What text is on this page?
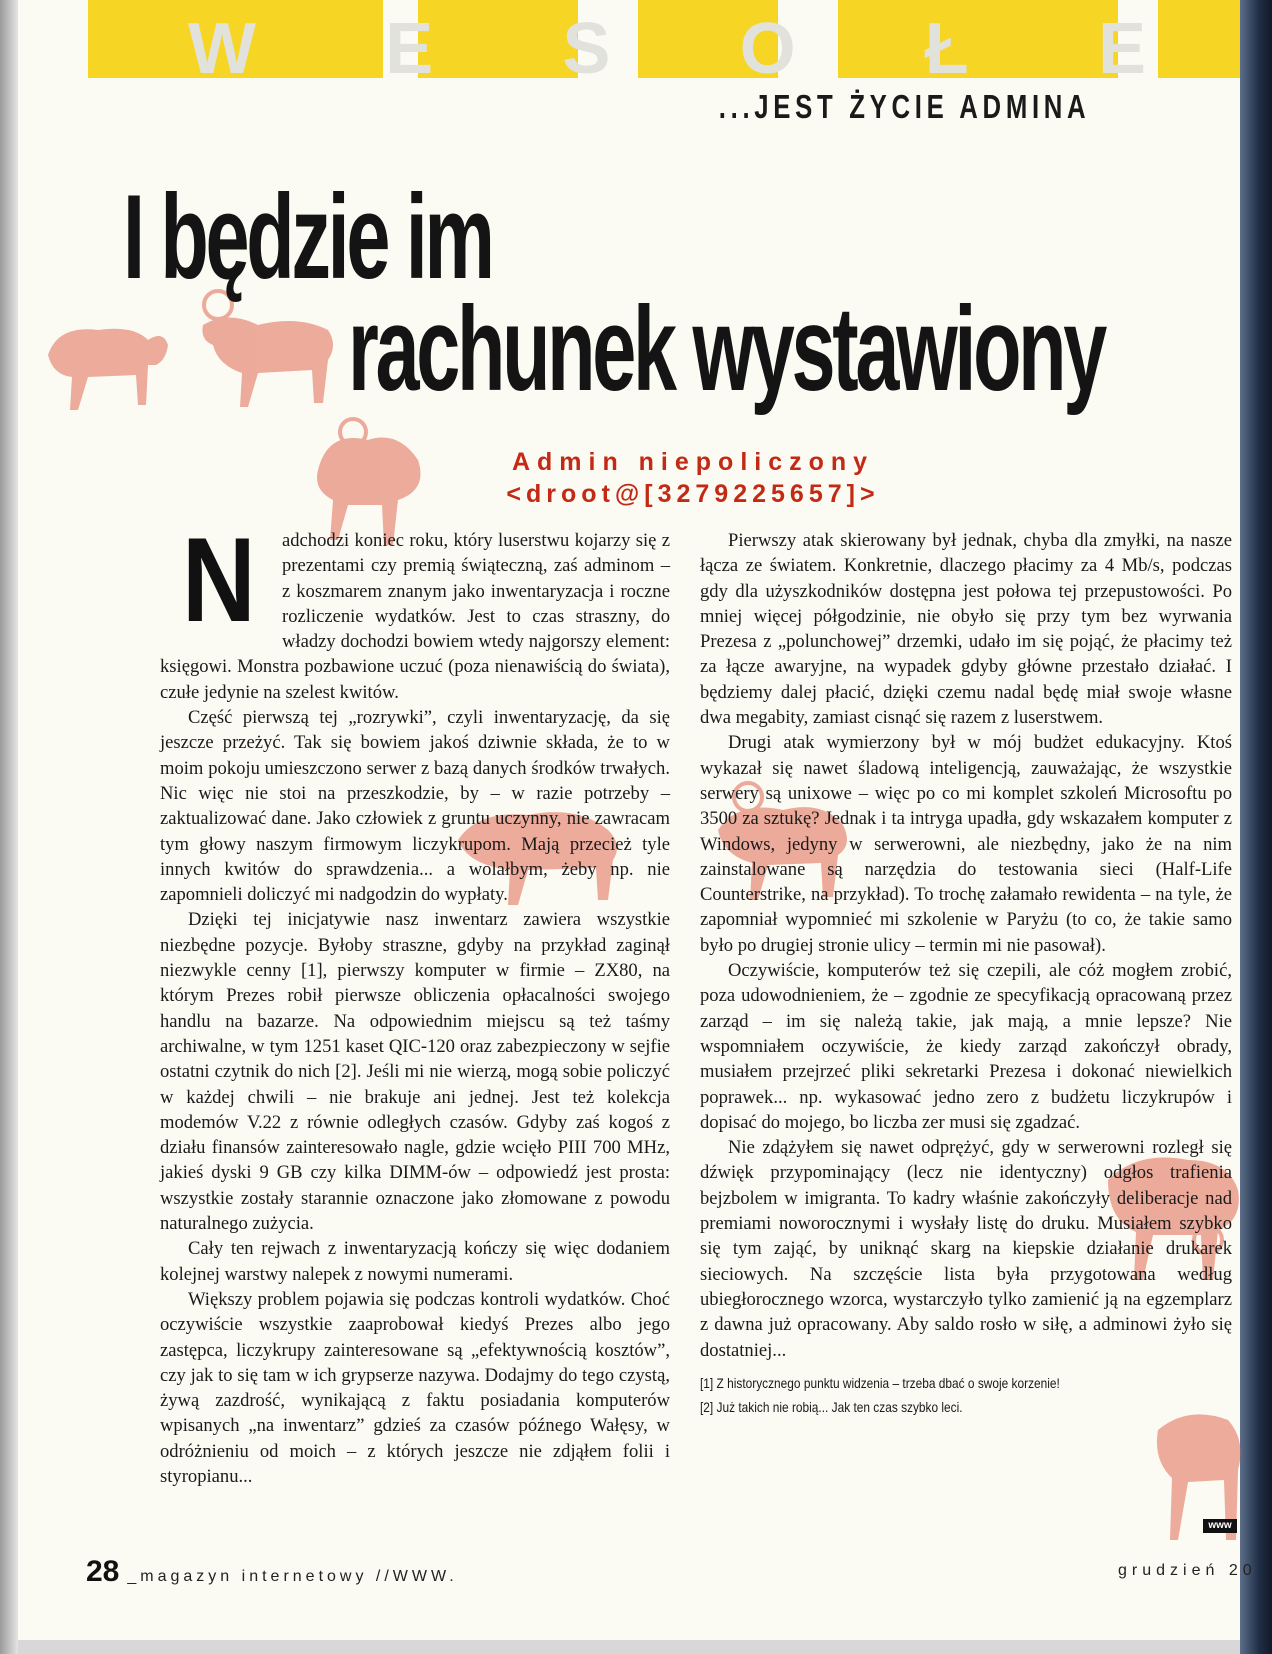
W E S O Ł E
...JEST ŻYCIE ADMINA
I będzie im
rachunek wystawiony
Admin niepoliczony
<droot@[3279225657]>
N	adchodzi koniec roku, który luserstwu kojarzy się z prezentami czy premią świąteczną, zaś adminom – z koszmarem znanym jako inwentaryzacja i roczne rozliczenie wydatków. Jest to czas straszny, do władzy dochodzi bowiem wtedy najgorszy element: księgowi. Monstra pozbawione uczuć (poza nienawiścią do świata), czułe jedynie na szelest kwitów.

Część pierwszą tej „rozrywki”, czyli inwentaryzację, da się jeszcze przeżyć. Tak się bowiem jakoś dziwnie składa, że to w moim pokoju umieszczono serwer z bazą danych środków trwałych. Nic więc nie stoi na przeszkodzie, by – w razie potrzeby – zaktualizować dane. Jako człowiek z gruntu uczynny, nie zawracam tym głowy naszym firmowym liczykrupom. Mają przecież tyle innych kwitów do sprawdzenia... a wolałbym, żeby np. nie zapomnieli doliczyć mi nadgodzin do wypłaty.

Dzięki tej inicjatywie nasz inwentarz zawiera wszystkie niezbędne pozycje. Byłoby straszne, gdyby na przykład zaginął niezwykle cenny [1], pierwszy komputer w firmie – ZX80, na którym Prezes robił pierwsze obliczenia opłacalności swojego handlu na bazarze. Na odpowiednim miejscu są też taśmy archiwalne, w tym 1251 kaset QIC-120 oraz zabezpieczony w sejfie ostatni czytnik do nich [2]. Jeśli mi nie wierzą, mogą sobie policzyć w każdej chwili – nie brakuje ani jednej. Jest też kolekcja modemów V.22 z równie odległych czasów. Gdyby zaś kogoś z działu finansów zainteresowało nagle, gdzie wcięło PIII 700 MHz, jakieś dyski 9 GB czy kilka DIMM-ów – odpowiedź jest prosta: wszystkie zostały starannie oznaczone jako złomowane z powodu naturalnego zużycia.

Cały ten rejwach z inwentaryzacją kończy się więc dodaniem kolejnej warstwy nalepek z nowymi numerami.

Większy problem pojawia się podczas kontroli wydatków. Choć oczywiście wszystkie zaaprobował kiedyś Prezes albo jego zastępca, liczykrupy zainteresowane są „efektywnością kosztów”, czy jak to się tam w ich grypserze nazywa. Dodajmy do tego czystą, żywą zazdrość, wynikającą z faktu posiadania komputerów wpisanych „na inwentarz” gdzieś za czasów późnego Wałęsy, w odróżnieniu od moich – z których jeszcze nie zdjąłem folii i styropianu...

Pierwszy atak skierowany był jednak, chyba dla zmyłki, na nasze łącza ze światem. Konkretnie, dlaczego płacimy za 4 Mb/s, podczas gdy dla użyszkodników dostępna jest połowa tej przepustowości. Po mniej więcej półgodzinie, nie obyło się przy tym bez wyrwania Prezesa z „polunchowej” drzemki, udało im się pojąć, że płacimy też za łącze awaryjne, na wypadek gdyby główne przestało działać. I będziemy dalej płacić, dzięki czemu nadal będę miał swoje własne dwa megabity, zamiast cisnąć się razem z luserstwem.

Drugi atak wymierzony był w mój budżet edukacyjny. Ktoś wykazał się nawet śladową inteligencją, zauważając, że wszystkie serwery są unixowe – więc po co mi komplet szkoleń Microsoftu po 3500 za sztukę? Jednak i ta intryga upadła, gdy wskazałem komputer z Windows, jedyny w serwerowni, ale niezbędny, jako że na nim zainstalowane są narzędzia do testowania sieci (Half-Life Counterstrike, na przykład). To trochę załamało rewidenta – na tyle, że zapomniał wypomnieć mi szkolenie w Paryżu (to co, że takie samo było po drugiej stronie ulicy – termin mi nie pasował).

Oczywiście, komputerów też się czepili, ale cóż mogłem zrobić, poza udowodnieniem, że – zgodnie ze specyfikacją opracowaną przez zarząd – im się należą takie, jak mają, a mnie lepsze? Nie wspomniałem oczywiście, że kiedy zarząd zakończył obrady, musiałem przejrzeć pliki sekretarki Prezesa i dokonać niewielkich poprawek... np. wykasować jedno zero z budżetu liczykrupów i dopisać do mojego, bo liczba zer musi się zgadzać.

Nie zdążyłem się nawet odprężyć, gdy w serwerowni rozległ się dźwięk przypominający (lecz nie identyczny) odgłos trafienia bejzbolem w imigranta. To kadry właśnie zakończyły deliberacje nad premiami noworocznymi i wysłały listę do druku. Musiałem szybko się tym zająć, by uniknąć skarg na kiepskie działanie drukarek sieciowych. Na szczęście lista była przygotowana według ubiegłorocznego wzorca, wystarczyło tylko zamienić ją na egzemplarz z dawna już opracowany. Aby saldo rosło w siłę, a adminowi żyło się dostatniej...

[1] Z historycznego punktu widzenia – trzeba dbać o swoje korzenie!
[2] Już takich nie robią... Jak ten czas szybko leci.
www
28 _magazyn internetowy //WWW.	grudzień 20
